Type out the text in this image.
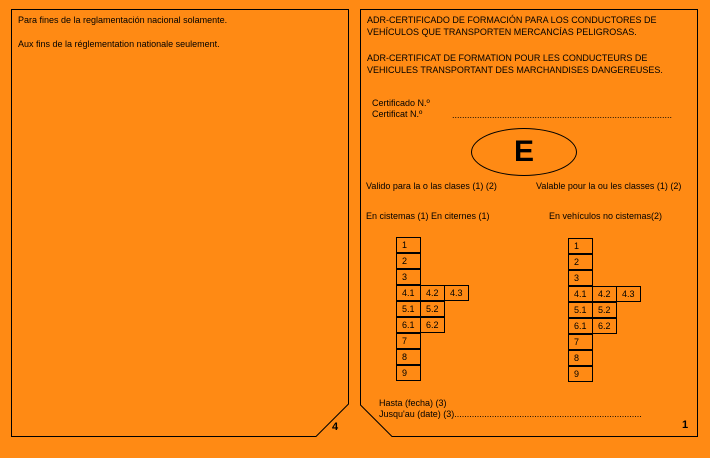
Para fines de la reglamentación nacional solamente.
Aux fins de la réglementation nationale seulement.
4
ADR-CERTIFICADO DE FORMACIÓN PARA LOS CONDUCTORES DE
VEHÍCULOS QUE TRANSPORTEN MERCANCÍAS PELIGROSAS.
ADR-CERTIFICAT DE FORMATION POUR LES CONDUCTEURS DE
VEHICULES TRANSPORTANT DES MARCHANDISES DANGEREUSES.
Certificado N.º
Certificat N.º	........................................................................................
E
Valido para la o las clases (1) (2)	Valable pour la ou les classes (1) (2)
En cistemas (1) En citernes (1)	En vehículos no cistemas(2)
1
2
3
4.1	4.2	4.3
5.1	5.2
6.1	6.2
7
8
9
1
2
3
4.1	4.2	4.3
5.1	5.2
6.1	6.2
7
8
9
Hasta (fecha) (3)
Jusqu'au (date) (3)...........................................................................
1
